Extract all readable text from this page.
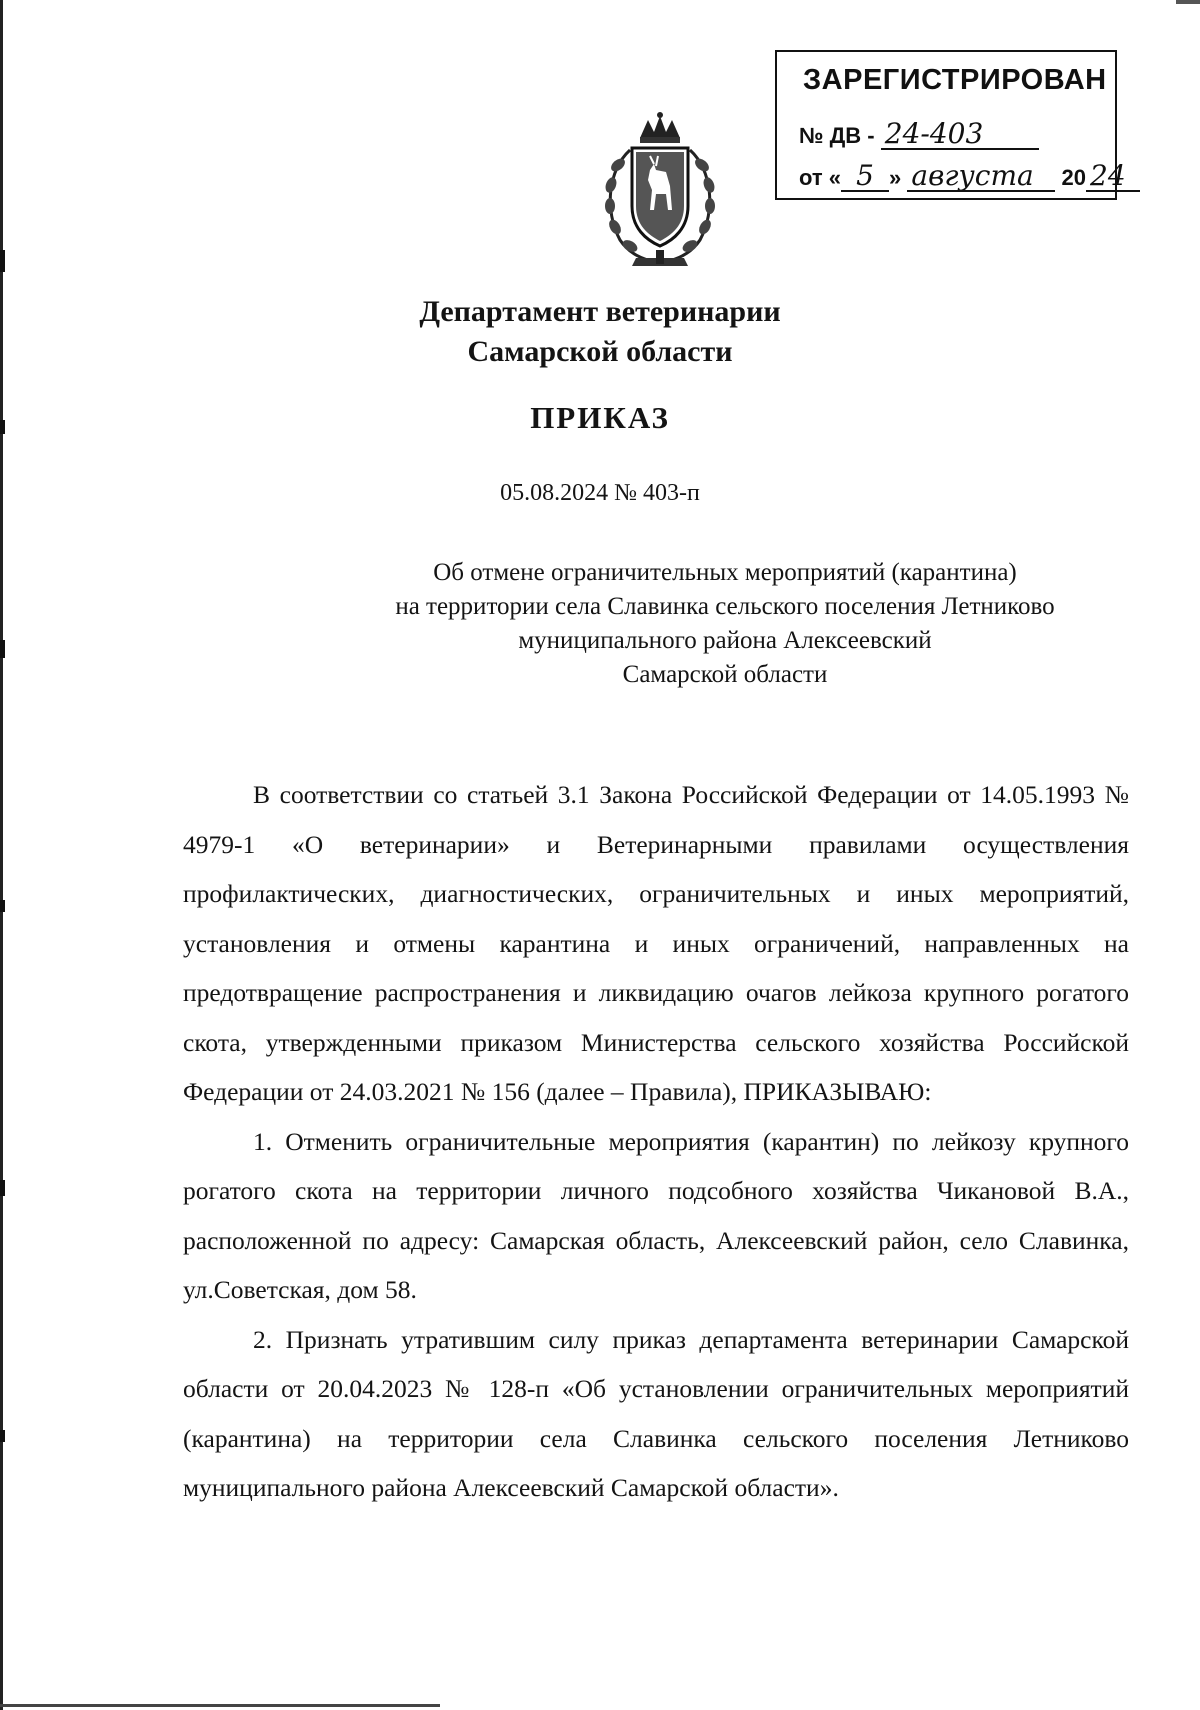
ЗАРЕГИСТРИРОВАН
№ ДВ - 24-403
от « 5 » августа 20 24
Департамент ветеринарии
Самарской области
ПРИКАЗ
05.08.2024 № 403-п
Об отмене ограничительных мероприятий (карантина)
на территории села Славинка сельского поселения Летниково
муниципального района Алексеевский
Самарской области

В соответствии со статьей 3.1 Закона Российской Федерации от 14.05.1993 № 4979-1 «О ветеринарии» и Ветеринарными правилами осуществления профилактических, диагностических, ограничительных и иных мероприятий, установления и отмены карантина и иных ограничений, направленных на предотвращение распространения и ликвидацию очагов лейкоза крупного рогатого скота, утвержденными приказом Министерства сельского хозяйства Российской Федерации от 24.03.2021 № 156 (далее – Правила), ПРИКАЗЫВАЮ:

1. Отменить ограничительные мероприятия (карантин) по лейкозу крупного рогатого скота на территории личного подсобного хозяйства Чикановой В.А., расположенной по адресу: Самарская область, Алексеевский район, село Славинка, ул.Советская, дом 58.

2. Признать утратившим силу приказ департамента ветеринарии Самарской области от 20.04.2023 № 128-п «Об установлении ограничительных мероприятий (карантина) на территории села Славинка сельского поселения Летниково муниципального района Алексеевский Самарской области».
